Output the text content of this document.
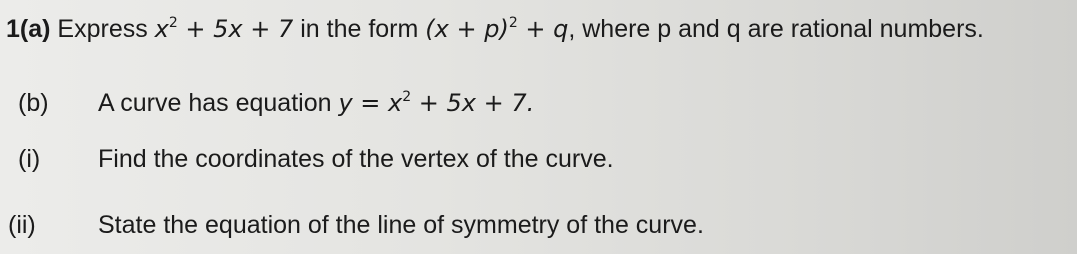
1(a) Express $x^2 + 5x + 7$ in the form $(x + p)^2 + q$, where p and q are rational numbers.
(b) A curve has equation $y = x^2 + 5x + 7$.
(i) Find the coordinates of the vertex of the curve.
(ii) State the equation of the line of symmetry of the curve.
